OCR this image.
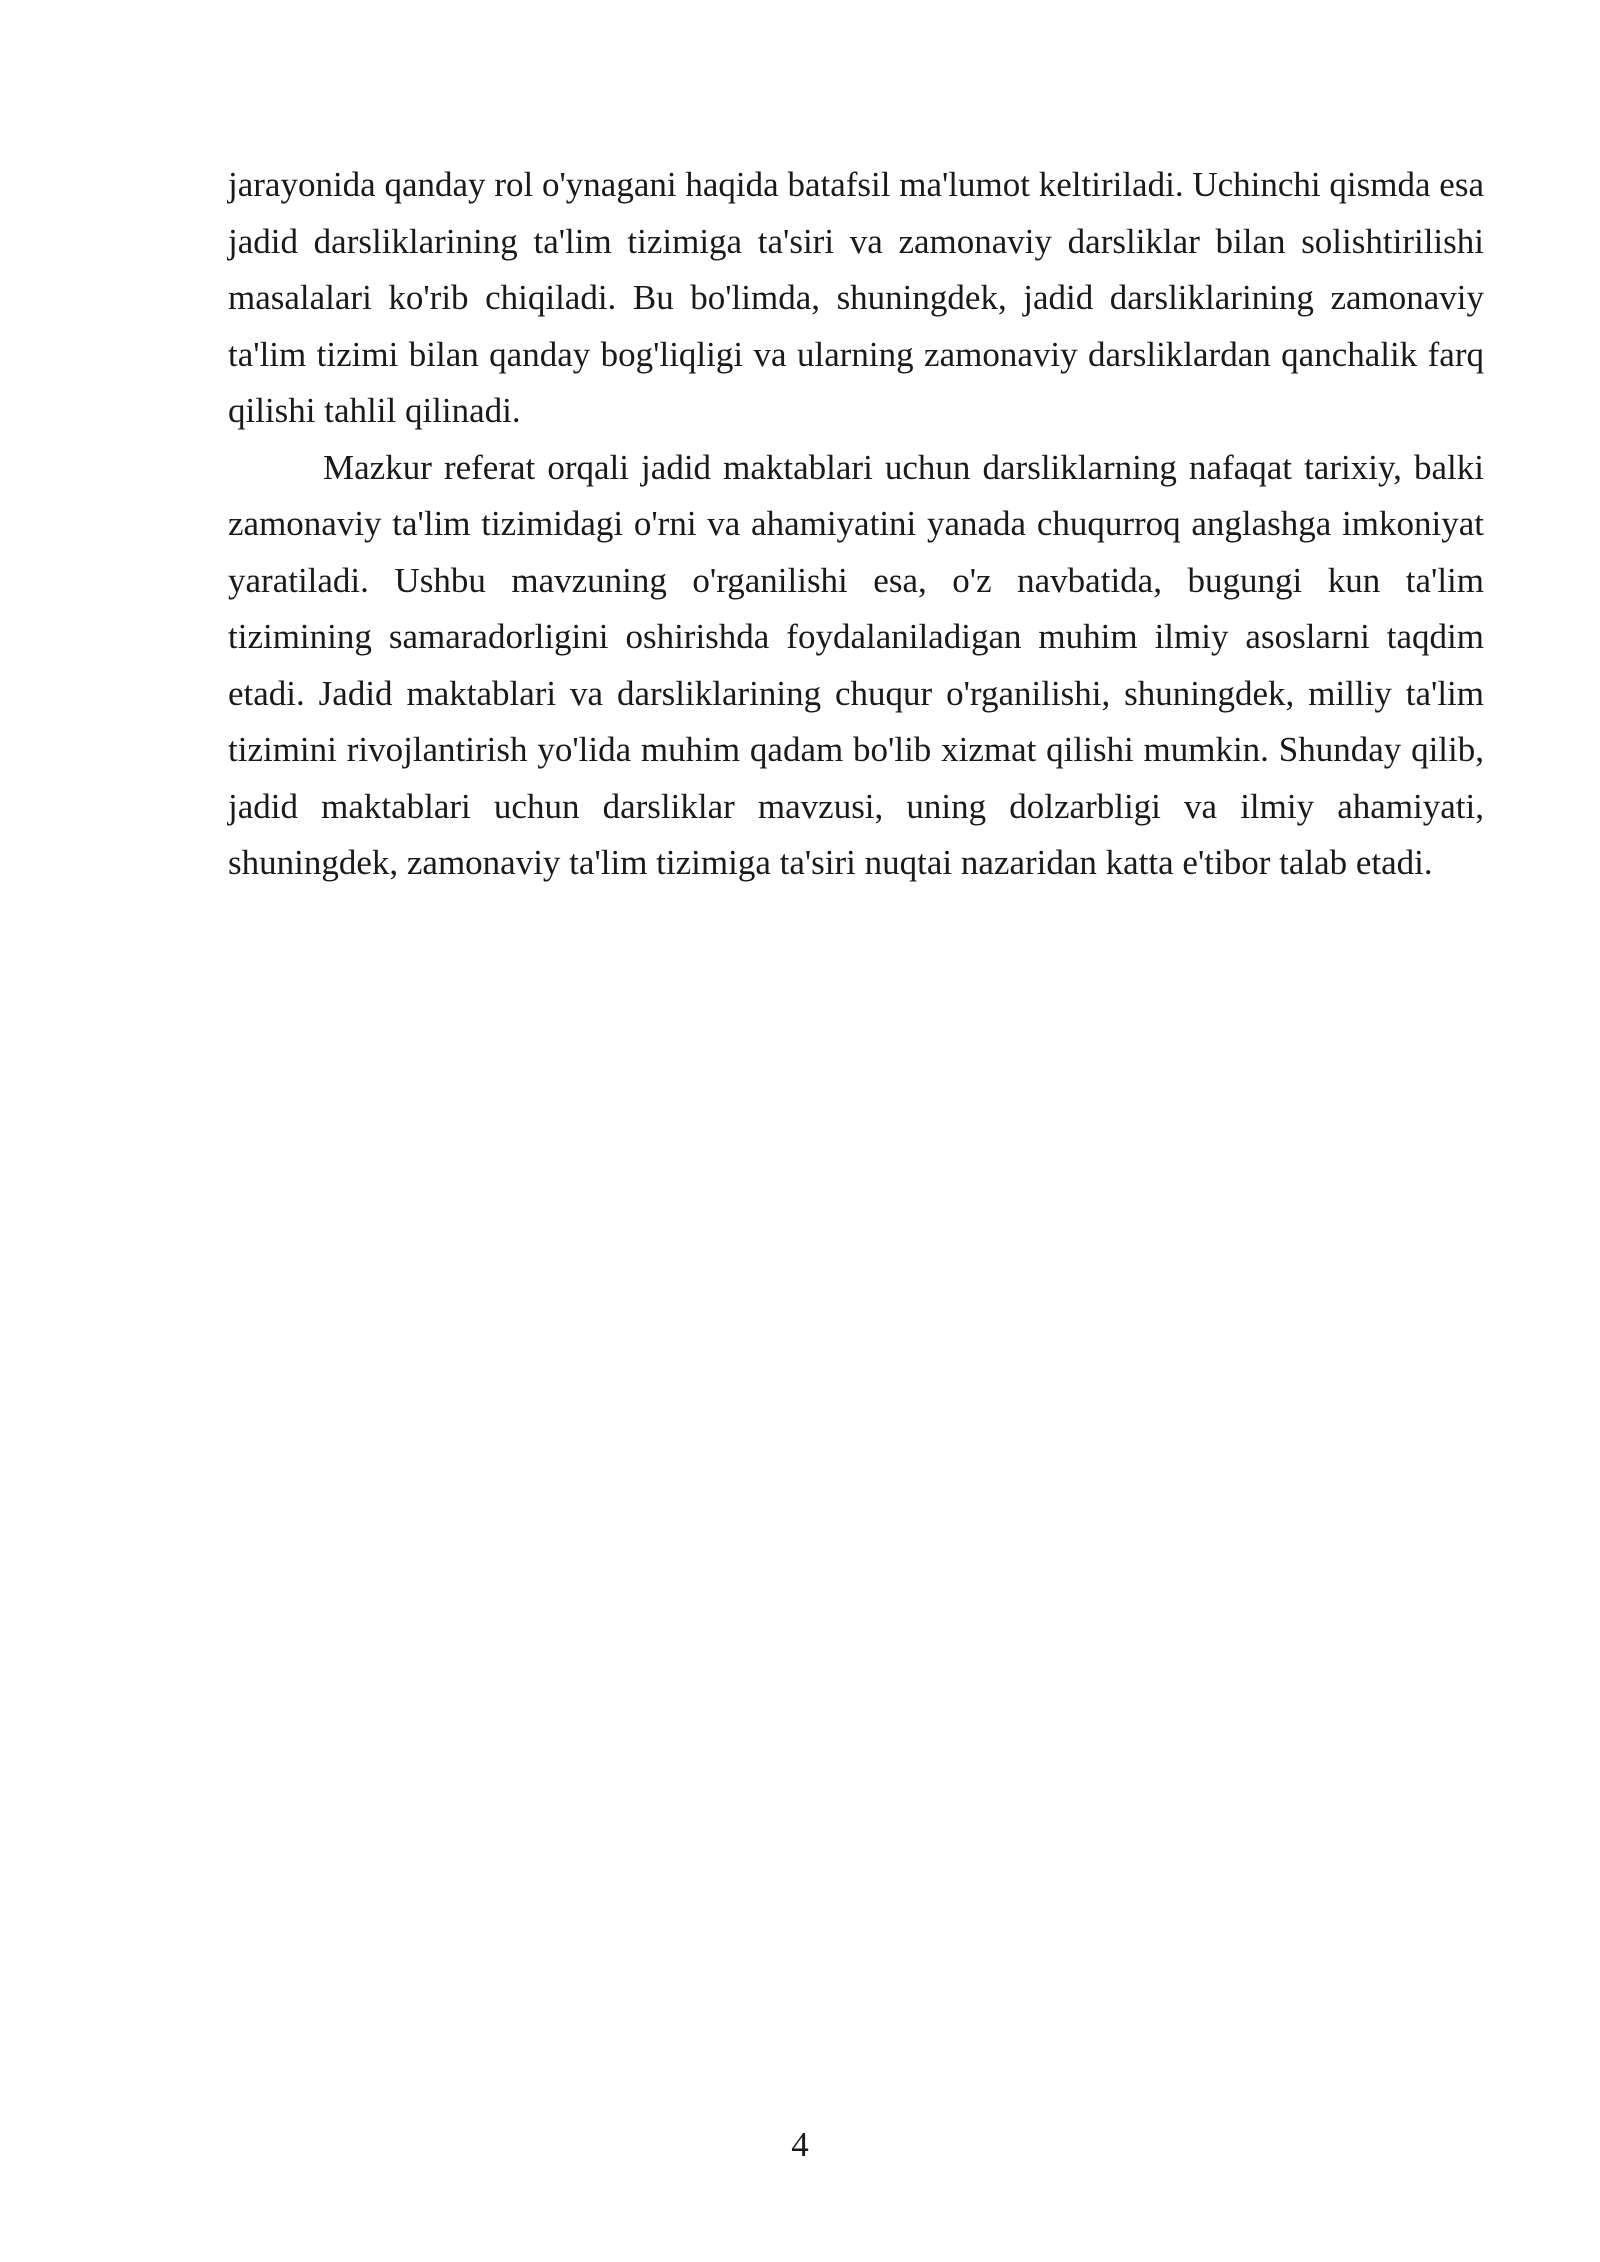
jarayonida qanday rol o'ynagani haqida batafsil ma'lumot keltiriladi. Uchinchi qismda esa jadid darsliklarining ta'lim tizimiga ta'siri va zamonaviy darsliklar bilan solishtirilishi masalalari ko'rib chiqiladi. Bu bo'limda, shuningdek, jadid darsliklarining zamonaviy ta'lim tizimi bilan qanday bog'liqligi va ularning zamonaviy darsliklardan qanchalik farq qilishi tahlil qilinadi.

Mazkur referat orqali jadid maktablari uchun darsliklarning nafaqat tarixiy, balki zamonaviy ta'lim tizimidagi o'rni va ahamiyatini yanada chuqurroq anglashga imkoniyat yaratiladi. Ushbu mavzuning o'rganilishi esa, o'z navbatida, bugungi kun ta'lim tizimining samaradorligini oshirishda foydalaniladigan muhim ilmiy asoslarni taqdim etadi. Jadid maktablari va darsliklarining chuqur o'rganilishi, shuningdek, milliy ta'lim tizimini rivojlantirish yo'lida muhim qadam bo'lib xizmat qilishi mumkin. Shunday qilib, jadid maktablari uchun darsliklar mavzusi, uning dolzarbligi va ilmiy ahamiyati, shuningdek, zamonaviy ta'lim tizimiga ta'siri nuqtai nazaridan katta e'tibor talab etadi.

4
